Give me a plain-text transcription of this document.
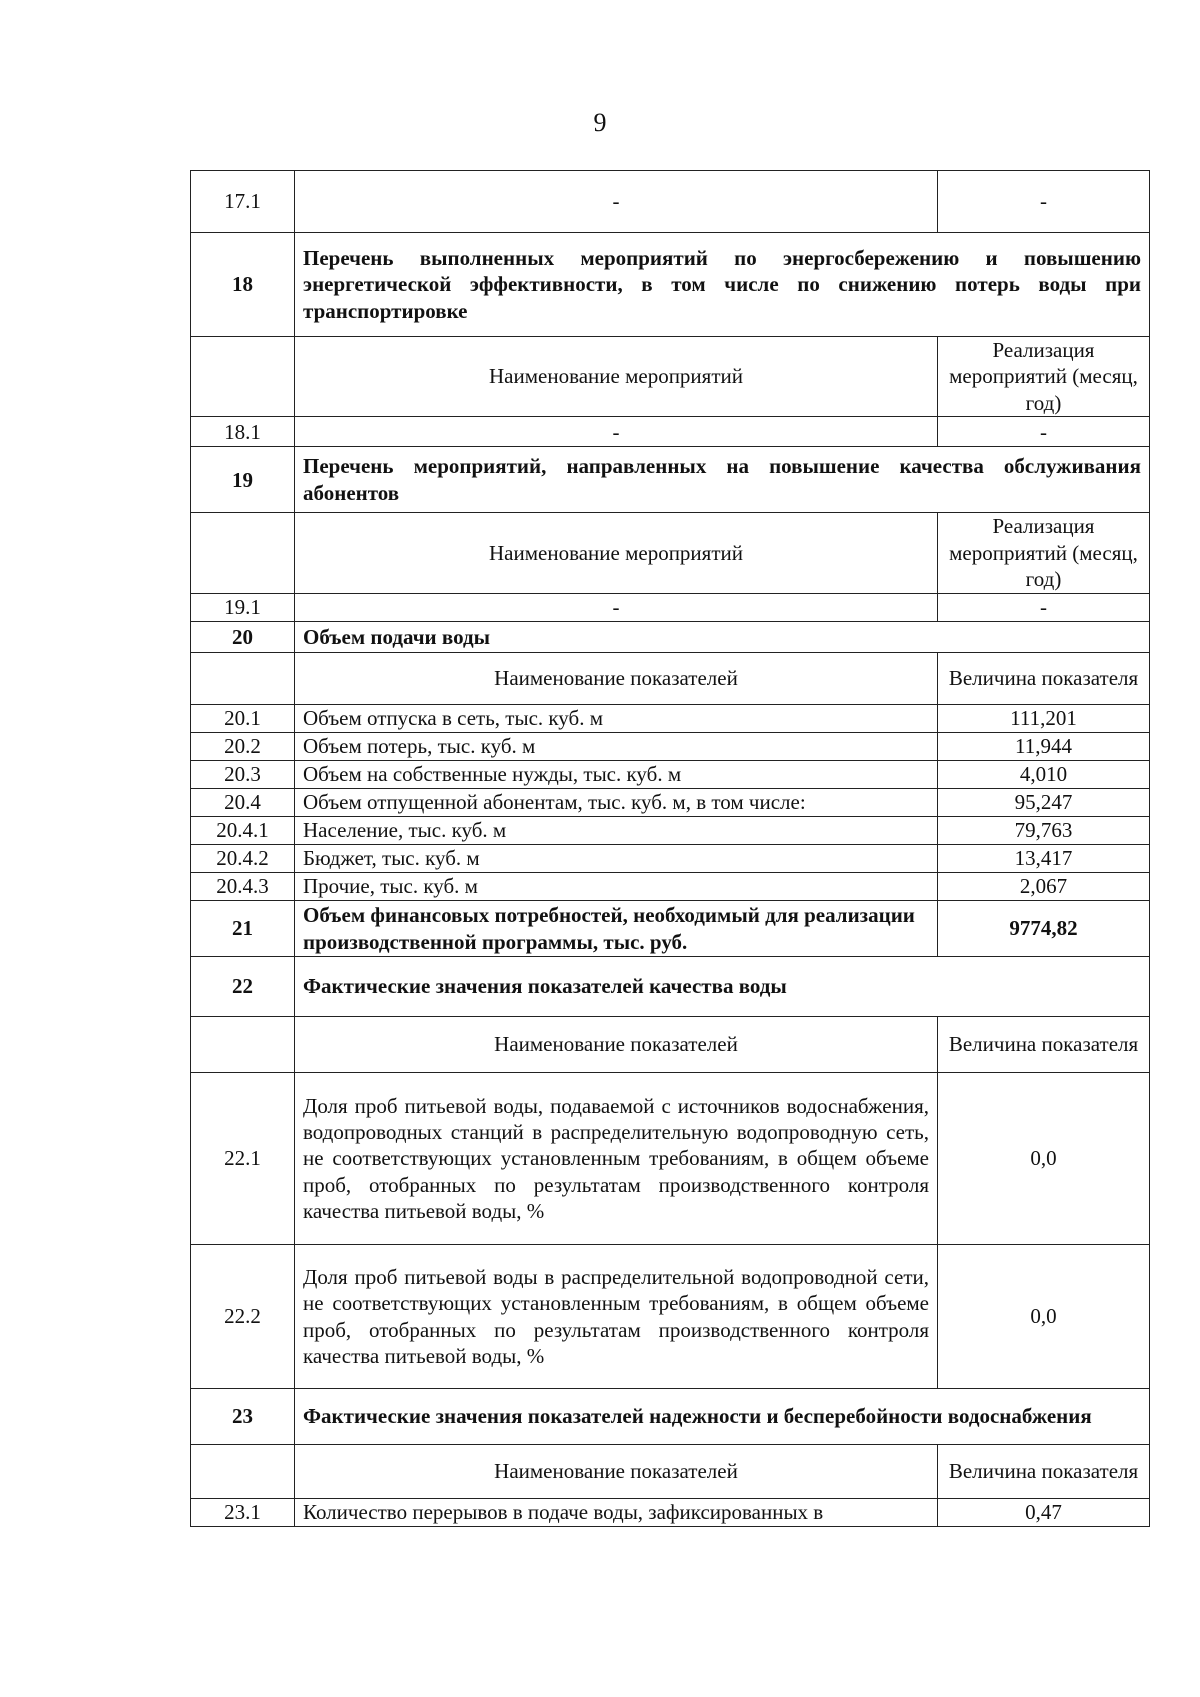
9
17.1	-	-
18	Перечень выполненных мероприятий по энергосбережению и повышению энергетической эффективности, в том числе по снижению потерь воды при транспортировке	
	Наименование мероприятий	Реализация мероприятий (месяц, год)
18.1	-	-
19	Перечень мероприятий, направленных на повышение качества обслуживания абонентов	
	Наименование мероприятий	Реализация мероприятий (месяц, год)
19.1	-	-
20	Объем подачи воды	
	Наименование показателей	Величина показателя
20.1	Объем отпуска в сеть, тыс. куб. м	111,201
20.2	Объем потерь, тыс. куб. м	11,944
20.3	Объем на собственные нужды, тыс. куб. м	4,010
20.4	Объем отпущенной абонентам, тыс. куб. м, в том числе:	95,247
20.4.1	Население, тыс. куб. м	79,763
20.4.2	Бюджет, тыс. куб. м	13,417
20.4.3	Прочие, тыс. куб. м	2,067
21	Объем финансовых потребностей, необходимый для реализации производственной программы, тыс. руб.	9774,82
22	Фактические значения показателей качества воды	
	Наименование показателей	Величина показателя
22.1	Доля проб питьевой воды, подаваемой с источников водоснабжения, водопроводных станций в распределительную водопроводную сеть, не соответствующих установленным требованиям, в общем объеме проб, отобранных по результатам производственного контроля качества питьевой воды, %	0,0
22.2	Доля проб питьевой воды в распределительной водопроводной сети, не соответствующих установленным требованиям, в общем объеме проб, отобранных по результатам производственного контроля качества питьевой воды, %	0,0
23	Фактические значения показателей надежности и бесперебойности водоснабжения	
	Наименование показателей	Величина показателя
23.1	Количество перерывов в подаче воды, зафиксированных в	0,47
